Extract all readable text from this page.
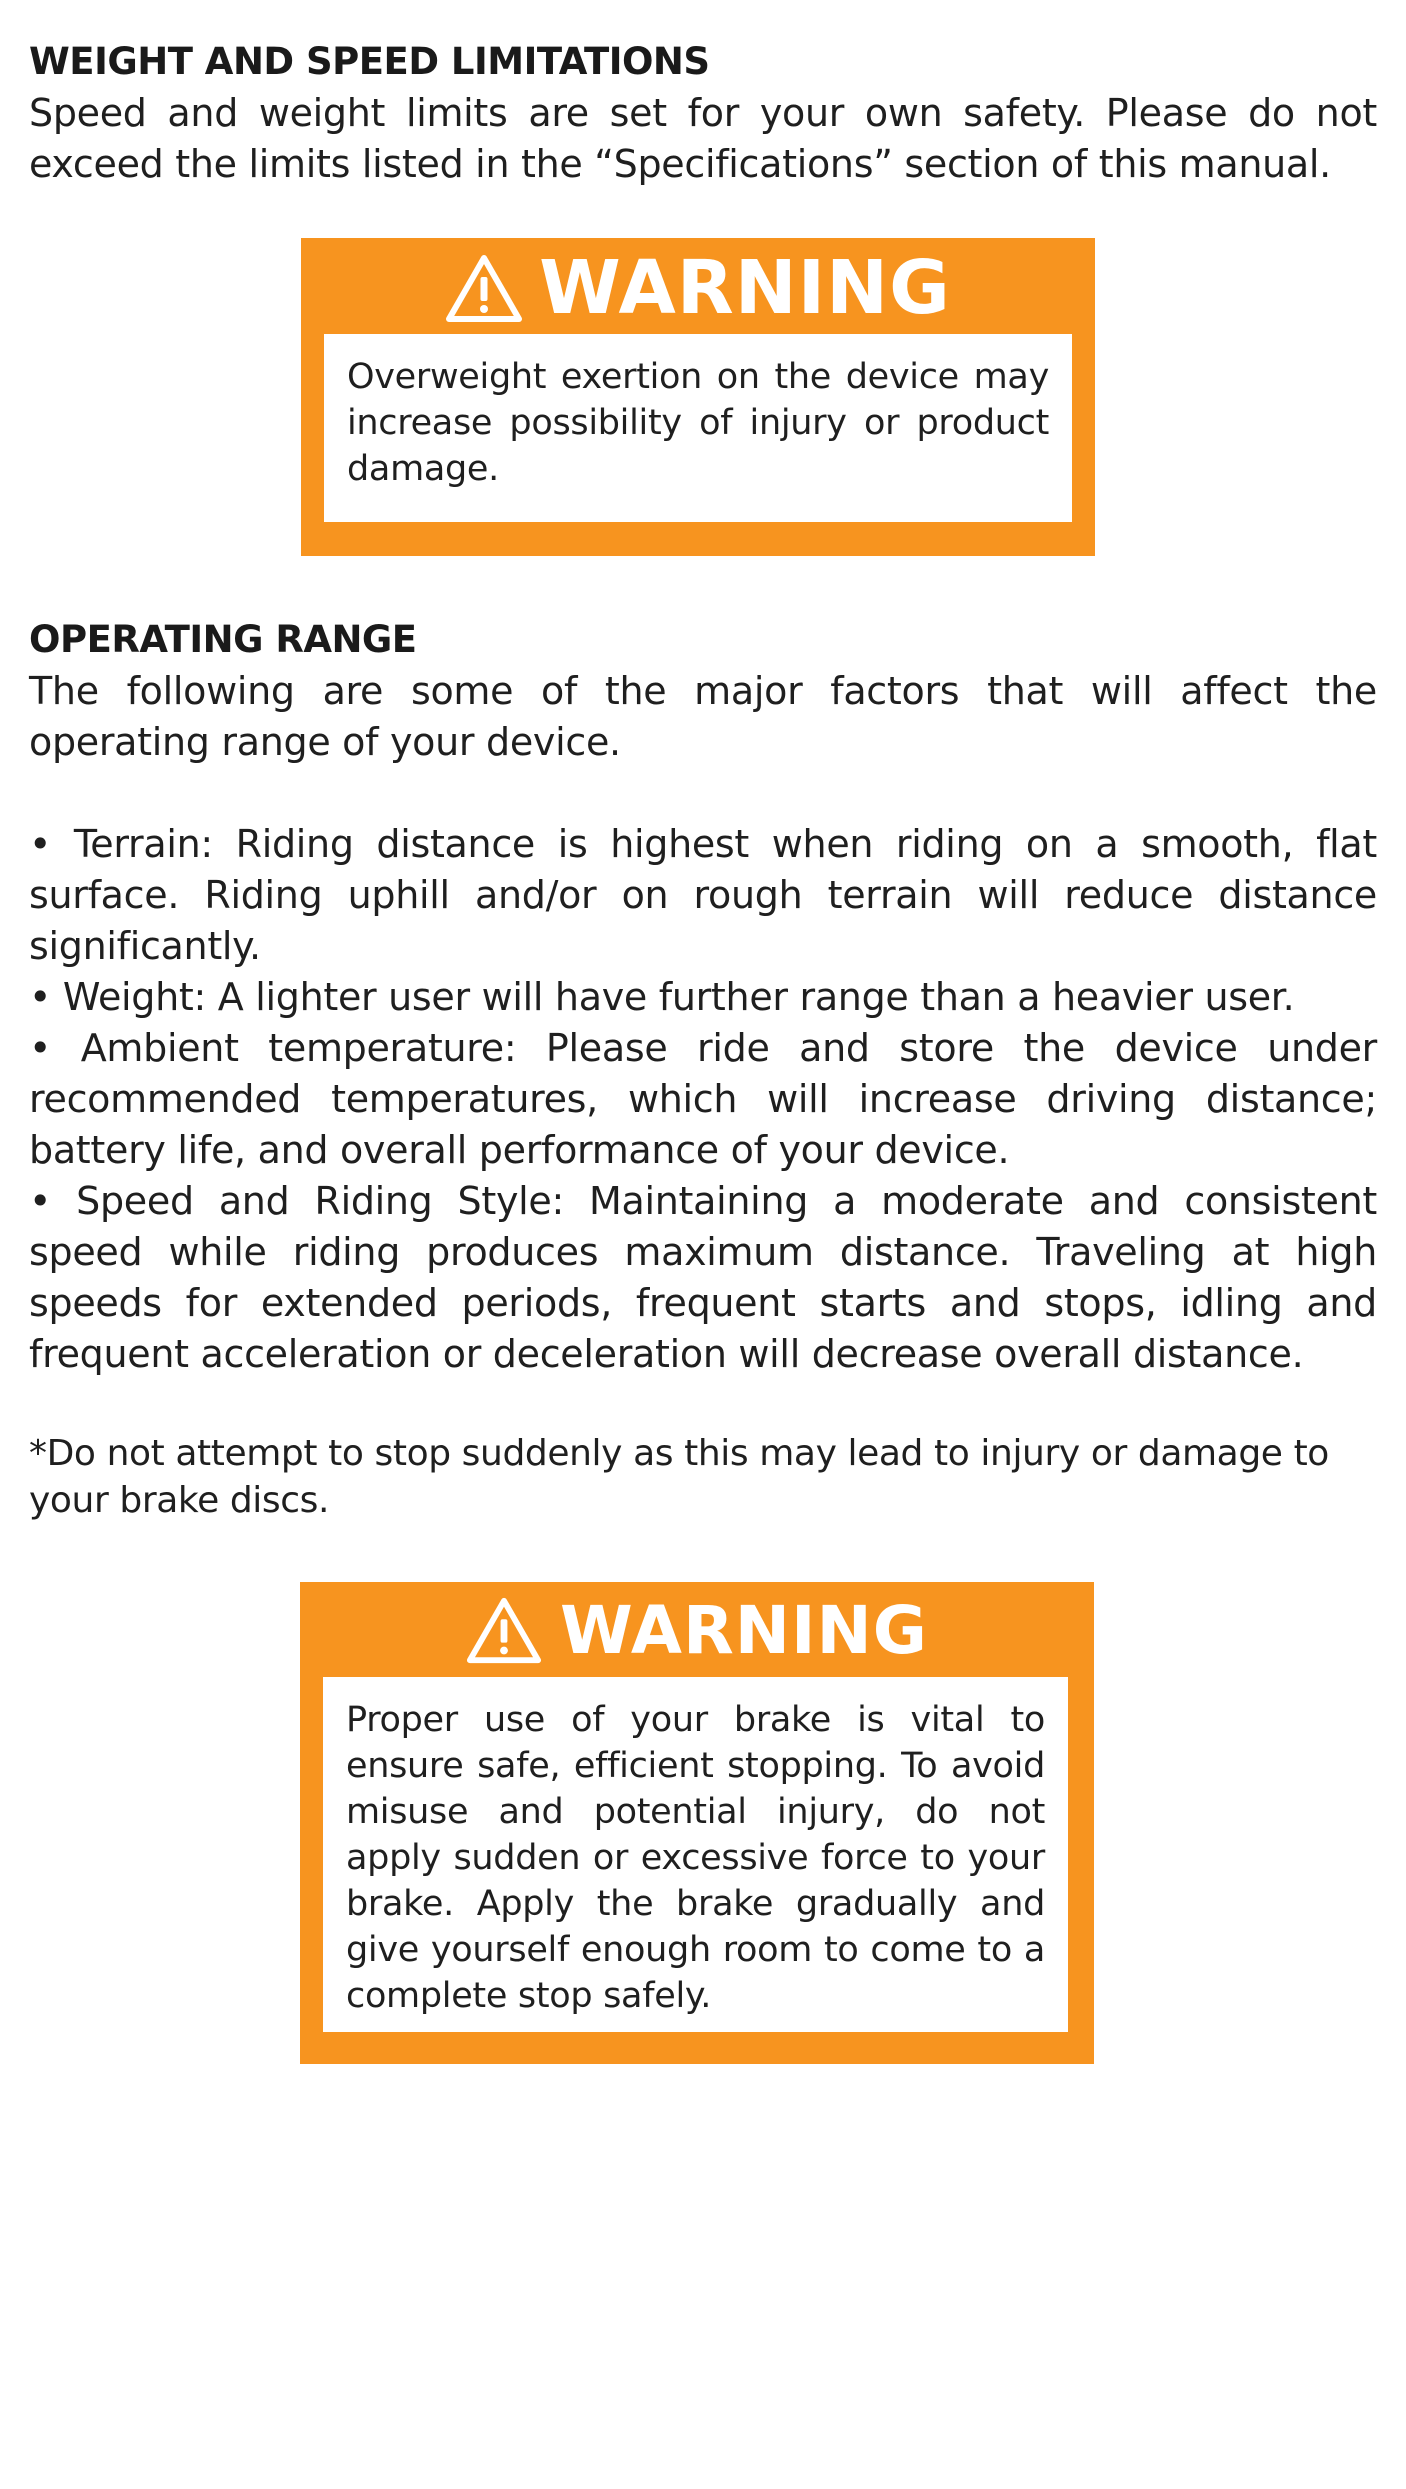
WEIGHT AND SPEED LIMITATIONS

Speed and weight limits are set for your own safety. Please do not exceed the limits listed in the “Specifications” section of this manual.

WARNING

Overweight exertion on the device may increase possibility of injury or product damage.

OPERATING RANGE

The following are some of the major factors that will affect the operating range of your device.

• Terrain: Riding distance is highest when riding on a smooth, flat surface. Riding uphill and/or on rough terrain will reduce distance significantly.

• Weight: A lighter user will have further range than a heavier user.

• Ambient temperature: Please ride and store the device under recommended temperatures, which will increase driving distance; battery life, and overall performance of your device.

• Speed and Riding Style: Maintaining a moderate and consistent speed while riding produces maximum distance. Traveling at high speeds for extended periods, frequent starts and stops, idling and frequent acceleration or deceleration will decrease overall distance.

*Do not attempt to stop suddenly as this may lead to injury or damage to your brake discs.

WARNING

Proper use of your brake is vital to ensure safe, efficient stopping. To avoid misuse and potential injury, do not apply sudden or excessive force to your brake. Apply the brake gradually and give yourself enough room to come to a complete stop safely.
